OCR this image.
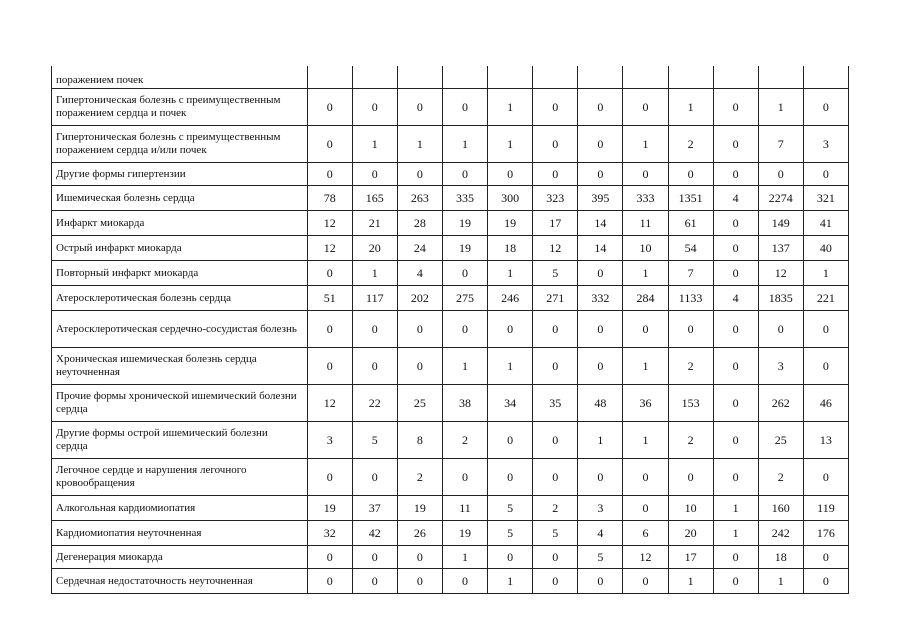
поражением почек												
Гипертоническая болезнь с преимущественным поражением сердца и почек	0	0	0	0	1	0	0	0	1	0	1	0
Гипертоническая болезнь с преимущественным поражением сердца и/или почек	0	1	1	1	1	0	0	1	2	0	7	3
Другие формы гипертензии	0	0	0	0	0	0	0	0	0	0	0	0
Ишемическая болезнь сердца	78	165	263	335	300	323	395	333	1351	4	2274	321
Инфаркт миокарда	12	21	28	19	19	17	14	11	61	0	149	41
Острый инфаркт миокарда	12	20	24	19	18	12	14	10	54	0	137	40
Повторный инфаркт миокарда	0	1	4	0	1	5	0	1	7	0	12	1
Атеросклеротическая болезнь сердца	51	117	202	275	246	271	332	284	1133	4	1835	221
Атеросклеротическая сердечно-сосудистая болезнь	0	0	0	0	0	0	0	0	0	0	0	0
Хроническая ишемическая болезнь сердца неуточненная	0	0	0	1	1	0	0	1	2	0	3	0
Прочие формы хронической ишемический болезни сердца	12	22	25	38	34	35	48	36	153	0	262	46
Другие формы острой ишемический болезни сердца	3	5	8	2	0	0	1	1	2	0	25	13
Легочное сердце и нарушения легочного кровообращения	0	0	2	0	0	0	0	0	0	0	2	0
Алкогольная кардиомиопатия	19	37	19	11	5	2	3	0	10	1	160	119
Кардиомиопатия неуточненная	32	42	26	19	5	5	4	6	20	1	242	176
Дегенерация миокарда	0	0	0	1	0	0	5	12	17	0	18	0
Сердечная недостаточность неуточненная	0	0	0	0	1	0	0	0	1	0	1	0
